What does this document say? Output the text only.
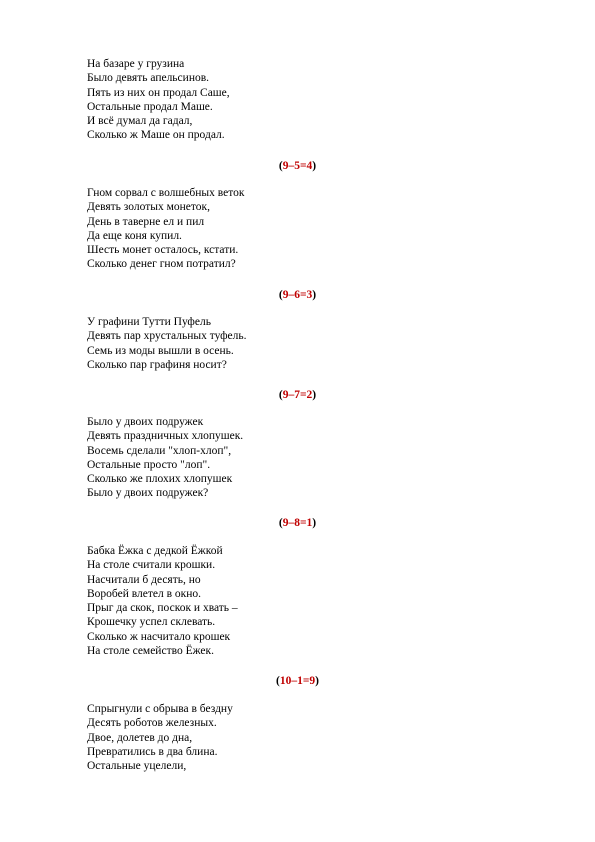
На базаре у грузина
Было девять апельсинов.
Пять из них он продал Саше,
Остальные продал Маше.
И всё думал да гадал,
Сколько ж Маше он продал.
(9–5=4)
Гном сорвал с волшебных веток
Девять золотых монеток,
День в таверне ел и пил
Да еще коня купил.
Шесть монет осталось, кстати.
Сколько денег гном потратил?
(9–6=3)
У графини Тутти Пуфель
Девять пар хрустальных туфель.
Семь из моды вышли в осень.
Сколько пар графиня носит?
(9–7=2)
Было у двоих подружек
Девять праздничных хлопушек.
Восемь сделали "хлоп-хлоп",
Остальные просто "лоп".
Сколько же плохих хлопушек
Было у двоих подружек?
(9–8=1)
Бабка Ёжка с дедкой Ёжкой
На столе считали крошки.
Насчитали б десять, но
Воробей влетел в окно.
Прыг да скок, поскок и хвать –
Крошечку успел склевать.
Сколько ж насчитало крошек
На столе семейство Ёжек.
(10–1=9)
Спрыгнули с обрыва в бездну
Десять роботов железных.
Двое, долетев до дна,
Превратились в два блина.
Остальные уцелели,
